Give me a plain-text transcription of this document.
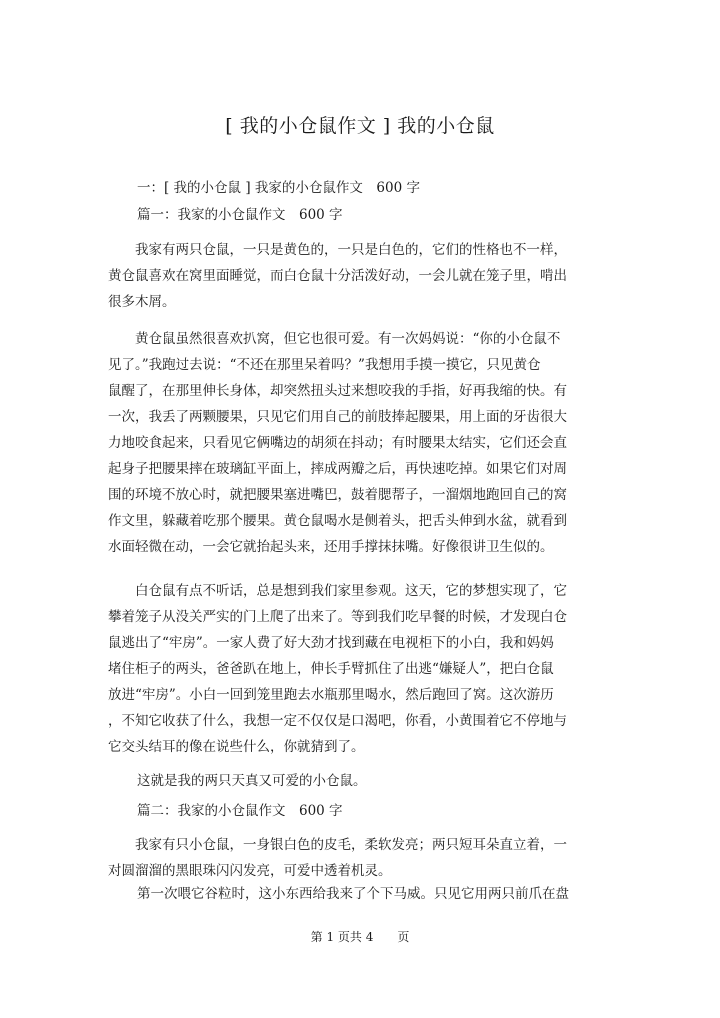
[ 我的小仓鼠作文 ] 我的小仓鼠
一：[ 我的小仓鼠 ] 我家的小仓鼠作文　600 字
篇一：我家的小仓鼠作文　600 字
　　我家有两只仓鼠，一只是黄色的，一只是白色的，它们的性格也不一样，
黄仓鼠喜欢在窝里面睡觉，而白仓鼠十分活泼好动，一会儿就在笼子里，啃出
很多木屑。
　　黄仓鼠虽然很喜欢扒窝，但它也很可爱。有一次妈妈说：“你的小仓鼠不
见了。”我跑过去说：“不还在那里呆着吗？”我想用手摸一摸它，只见黄仓
鼠醒了，在那里伸长身体，却突然扭头过来想咬我的手指，好再我缩的快。有
一次，我丢了两颗腰果，只见它们用自己的前肢捧起腰果，用上面的牙齿很大
力地咬食起来，只看见它俩嘴边的胡须在抖动；有时腰果太结实，它们还会直
起身子把腰果摔在玻璃缸平面上，摔成两瓣之后，再快速吃掉。如果它们对周
围的环境不放心时，就把腰果塞进嘴巴，鼓着腮帮子，一溜烟地跑回自己的窝
作文里，躲藏着吃那个腰果。黄仓鼠喝水是侧着头，把舌头伸到水盆，就看到
水面轻微在动，一会它就抬起头来，还用手撑抹抹嘴。好像很讲卫生似的。
　　白仓鼠有点不听话，总是想到我们家里参观。这天，它的梦想实现了，它
攀着笼子从没关严实的门上爬了出来了。等到我们吃早餐的时候，才发现白仓
鼠逃出了“牢房”。一家人费了好大劲才找到藏在电视柜下的小白，我和妈妈
堵住柜子的两头，爸爸趴在地上，伸长手臂抓住了出逃“嫌疑人”，把白仓鼠
放进“牢房”。小白一回到笼里跑去水瓶那里喝水，然后跑回了窝。这次游历
，不知它收获了什么，我想一定不仅仅是口渴吧，你看，小黄围着它不停地与
它交头结耳的像在说些什么，你就猜到了。
这就是我的两只天真又可爱的小仓鼠。
篇二：我家的小仓鼠作文　600 字
　　我家有只小仓鼠，一身银白色的皮毛，柔软发亮；两只短耳朵直立着，一
对圆溜溜的黑眼珠闪闪发亮，可爱中透着机灵。
第一次喂它谷粒时，这小东西给我来了个下马威。只见它用两只前爪在盘
第 1 页共 4　　页
